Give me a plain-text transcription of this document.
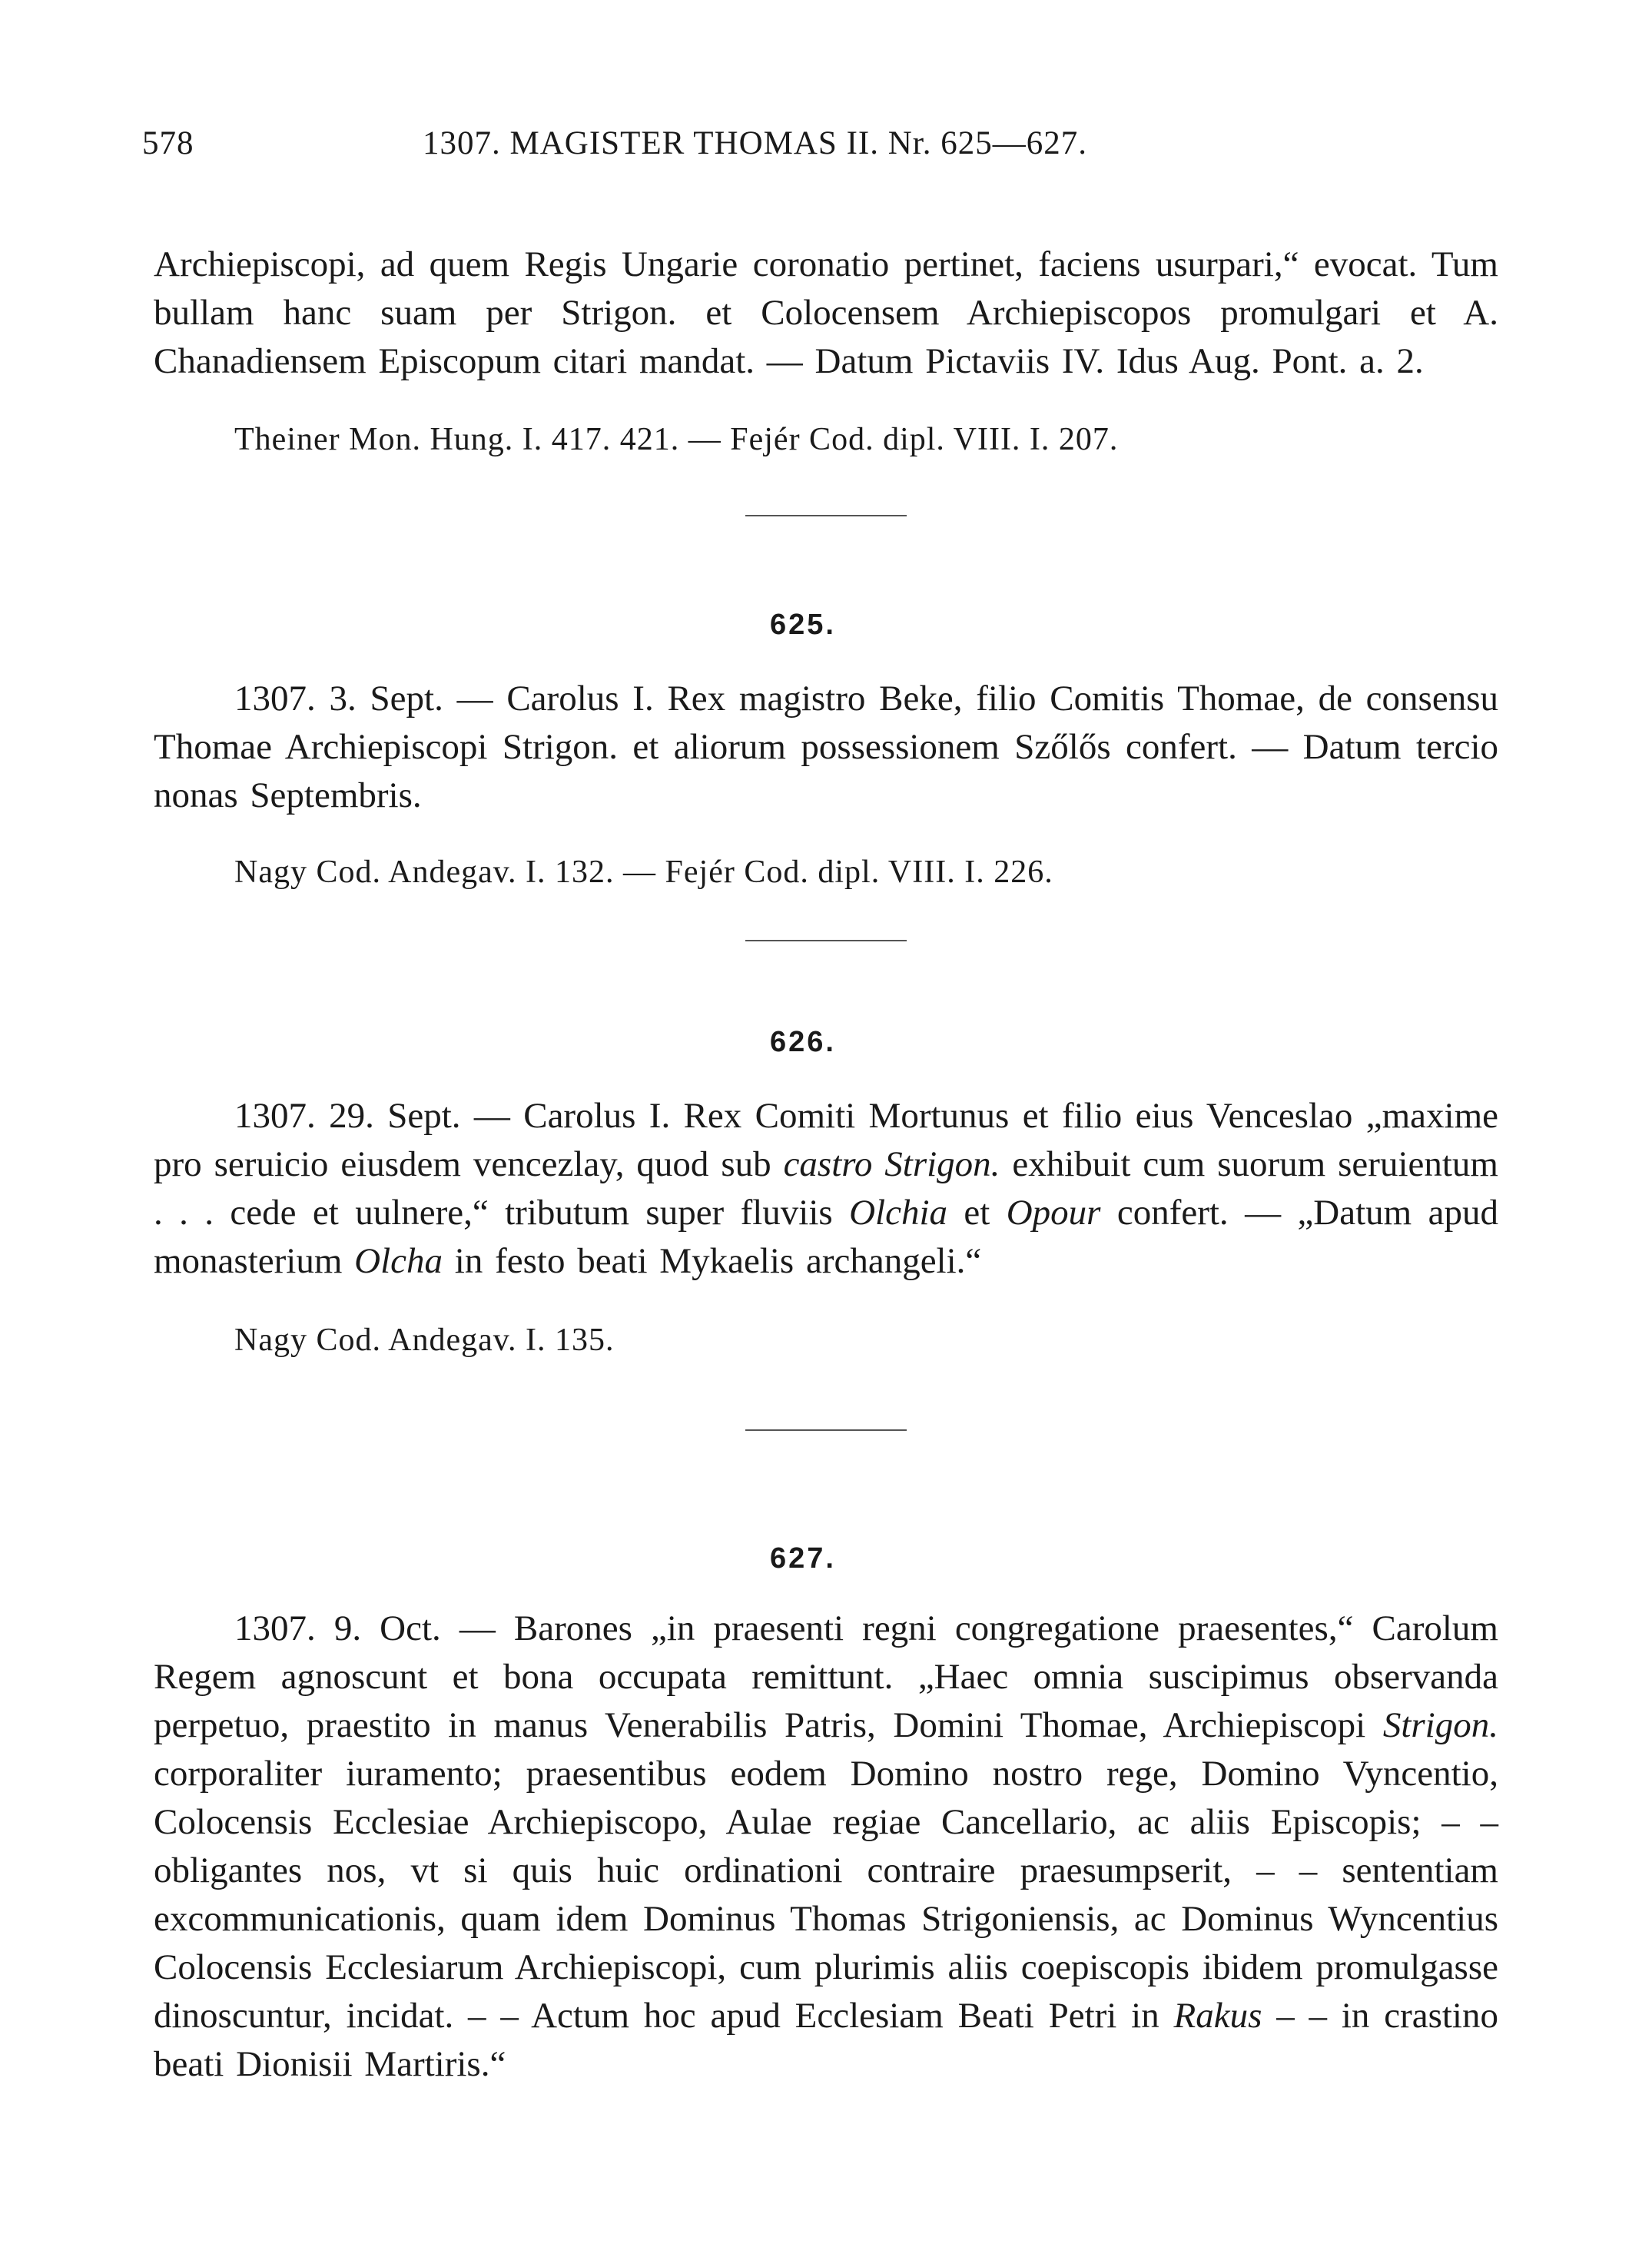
578	1307. MAGISTER THOMAS II. Nr. 625—627.

Archiepiscopi, ad quem Regis Ungarie coronatio pertinet, faciens usurpari,“ evocat. Tum bullam hanc suam per Strigon. et Colocensem Archiepiscopos promulgari et A. Chanadiensem Episcopum citari mandat. — Datum Pictaviis IV. Idus Aug. Pont. a. 2.

Theiner Mon. Hung. I. 417. 421. — Fejér Cod. dipl. VIII. I. 207.

625.

1307. 3. Sept. — Carolus I. Rex magistro Beke, filio Comitis Thomae, de consensu Thomae Archiepiscopi Strigon. et aliorum possessionem Szőlős confert. — Datum tercio nonas Septembris.

Nagy Cod. Andegav. I. 132. — Fejér Cod. dipl. VIII. I. 226.

626.

1307. 29. Sept. — Carolus I. Rex Comiti Mortunus et filio eius Venceslao „maxime pro seruicio eiusdem vencezlay, quod sub castro Strigon. exhibuit cum suorum seruientum . . . cede et uulnere,“ tributum super fluviis Olchia et Opour confert. — „Datum apud monasterium Olcha in festo beati Mykaelis archangeli.“

Nagy Cod. Andegav. I. 135.

627.

1307. 9. Oct. — Barones „in praesenti regni congregatione praesentes,“ Carolum Regem agnoscunt et bona occupata remittunt. „Haec omnia suscipimus observanda perpetuo, praestito in manus Venerabilis Patris, Domini Thomae, Archiepiscopi Strigon. corporaliter iuramento; praesentibus eodem Domino nostro rege, Domino Vyncentio, Colocensis Ecclesiae Archiepiscopo, Aulae regiae Cancellario, ac aliis Episcopis; – – obligantes nos, vt si quis huic ordinationi contraire praesumpserit, – – sententiam excommunicationis, quam idem Dominus Thomas Strigoniensis, ac Dominus Wyncentius Colocensis Ecclesiarum Archiepiscopi, cum plurimis aliis coepiscopis ibidem promulgasse dinoscuntur, incidat. – – Actum hoc apud Ecclesiam Beati Petri in Rakus – – in crastino beati Dionisii Martiris.“
